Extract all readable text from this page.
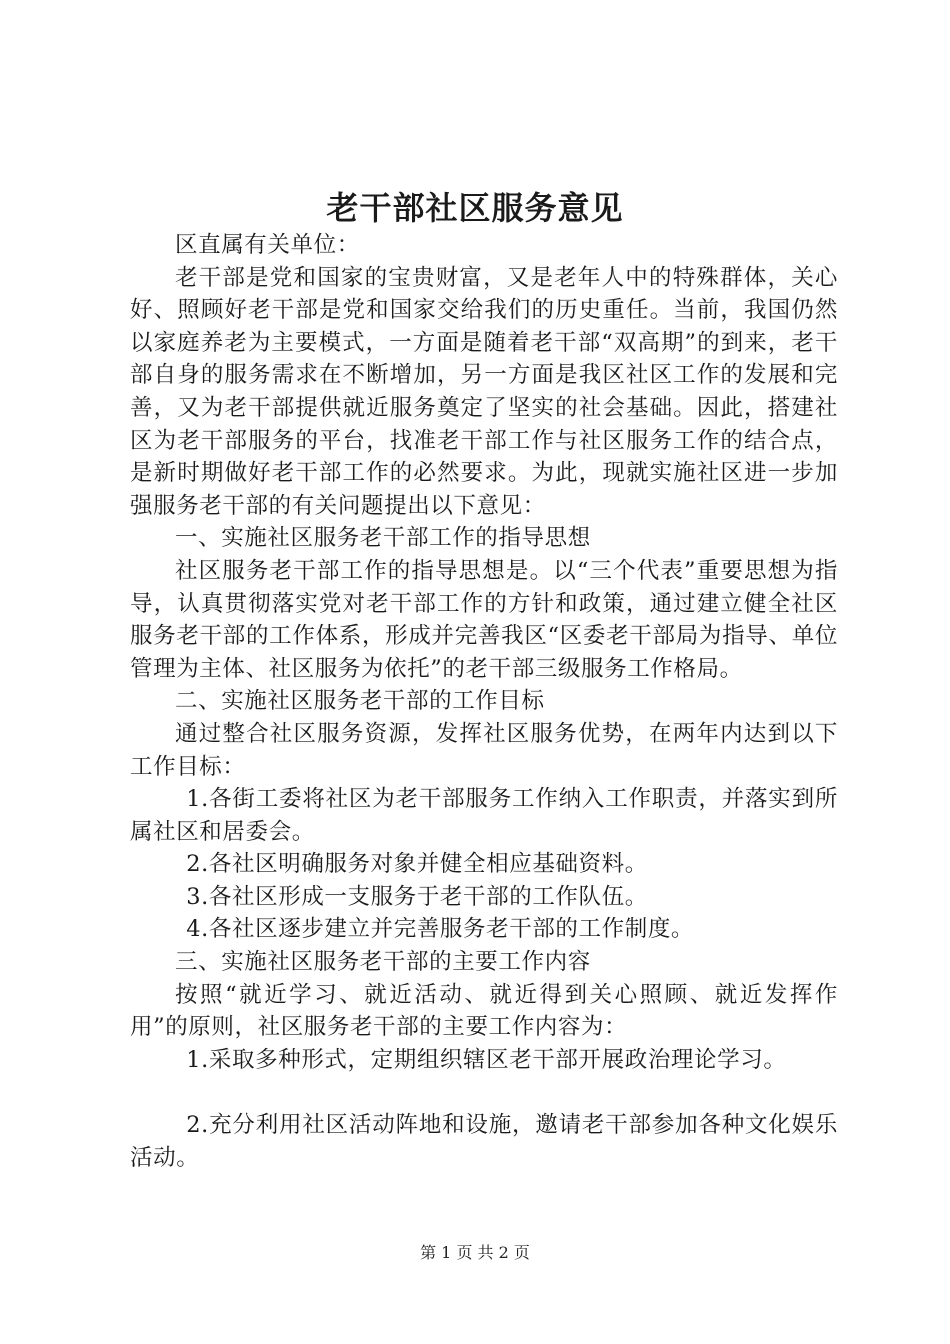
老干部社区服务意见

区直属有关单位：

老干部是党和国家的宝贵财富，又是老年人中的特殊群体，关心好、照顾好老干部是党和国家交给我们的历史重任。当前，我国仍然以家庭养老为主要模式，一方面是随着老干部“双高期”的到来，老干部自身的服务需求在不断增加，另一方面是我区社区工作的发展和完善，又为老干部提供就近服务奠定了坚实的社会基础。因此，搭建社区为老干部服务的平台，找准老干部工作与社区服务工作的结合点，是新时期做好老干部工作的必然要求。为此，现就实施社区进一步加强服务老干部的有关问题提出以下意见：

一、实施社区服务老干部工作的指导思想

社区服务老干部工作的指导思想是。以“三个代表”重要思想为指导，认真贯彻落实党对老干部工作的方针和政策，通过建立健全社区服务老干部的工作体系，形成并完善我区“区委老干部局为指导、单位管理为主体、社区服务为依托”的老干部三级服务工作格局。

二、实施社区服务老干部的工作目标

通过整合社区服务资源，发挥社区服务优势，在两年内达到以下工作目标：

1.各街工委将社区为老干部服务工作纳入工作职责，并落实到所属社区和居委会。

2.各社区明确服务对象并健全相应基础资料。

3.各社区形成一支服务于老干部的工作队伍。

4.各社区逐步建立并完善服务老干部的工作制度。

三、实施社区服务老干部的主要工作内容

按照“就近学习、就近活动、就近得到关心照顾、就近发挥作用”的原则，社区服务老干部的主要工作内容为：

1.采取多种形式，定期组织辖区老干部开展政治理论学习。

2.充分利用社区活动阵地和设施，邀请老干部参加各种文化娱乐活动。

第 1 页 共 2 页
